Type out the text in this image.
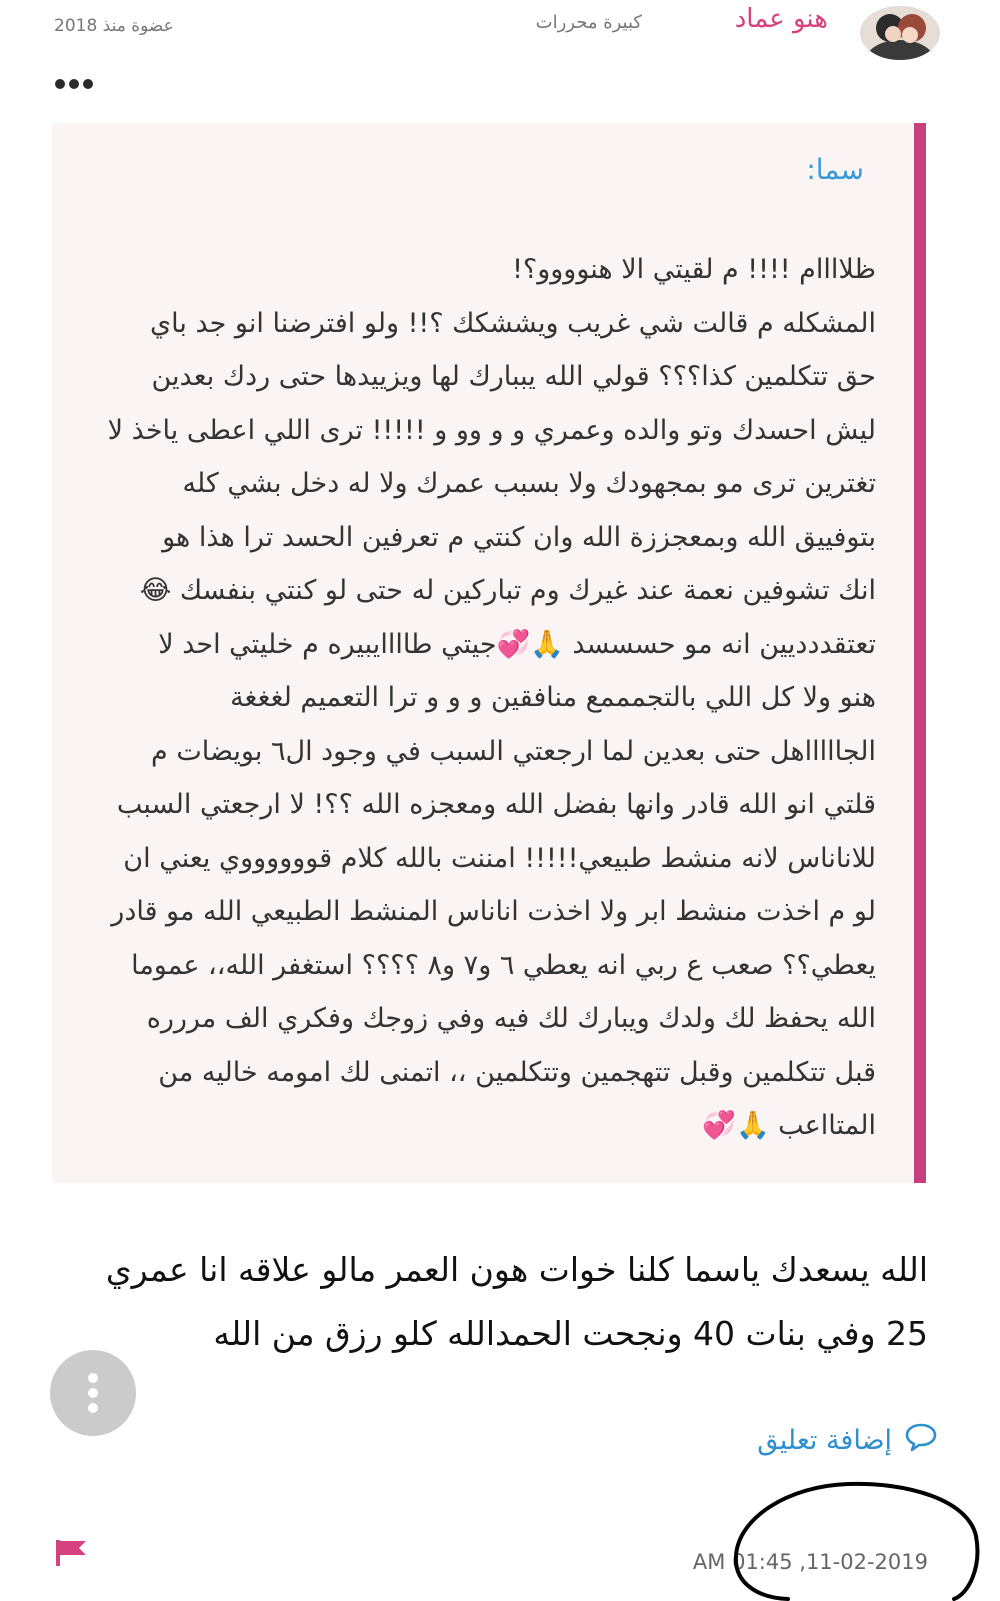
هنو عماد
كبيرة محررات
عضوة منذ 2018
سما:
ظلاااام !!!! م لقيتي الا هنوووو؟!
المشكله م قالت شي غريب ويششكك ؟!! ولو افترضنا انو جد باي
حق تتكلمين كذا؟؟؟ قولي الله يببارك لها ويزييدها حتى ردك بعدين
ليش احسدك وتو والده وعمري و و وو و !!!!! ترى اللي اعطى ياخذ لا
تغترين ترى مو بمجهودك ولا بسبب عمرك ولا له دخل بشي كله
بتوفييق الله وبمعجززة الله وان كنتي م تعرفين الحسد ترا هذا هو
انك تشوفين نعمة عند غيرك وم تباركين له حتى لو كنتي بنفسك 😂
تعتقددديين انه مو حسسسد 🙏💞جيتي طاااايبيره م خليتي احد لا
هنو ولا كل اللي بالتجمممع منافقين و و و ترا التعميم لغغغة
الجاااااهل حتى بعدين لما ارجعتي السبب في وجود ال٦ بويضات م
قلتي انو الله قادر وانها بفضل الله ومعجزه الله ؟؟! لا ارجعتي السبب
للاناناس لانه منشط طبيعي!!!!! امننت بالله كلام قووووووي يعني ان
لو م اخذت منشط ابر ولا اخذت اناناس المنشط الطبيعي الله مو قادر
يعطي؟؟ صعب ع ربي انه يعطي ٦ و٧ و٨ ؟؟؟؟ استغفر الله،، عموما
الله يحفظ لك ولدك ويبارك لك فيه وفي زوجك وفكري الف مررره
قبل تتكلمين وقبل تتهجمين وتتكلمين ،، اتمنى لك امومه خاليه من
المتااعب 🙏💞
الله يسعدك ياسما كلنا خوات هون العمر مالو علاقه انا عمري
25 وفي بنات 40 ونجحت الحمدالله كلو رزق من الله
إضافة تعليق
AM 01:45 ,11-02-2019
